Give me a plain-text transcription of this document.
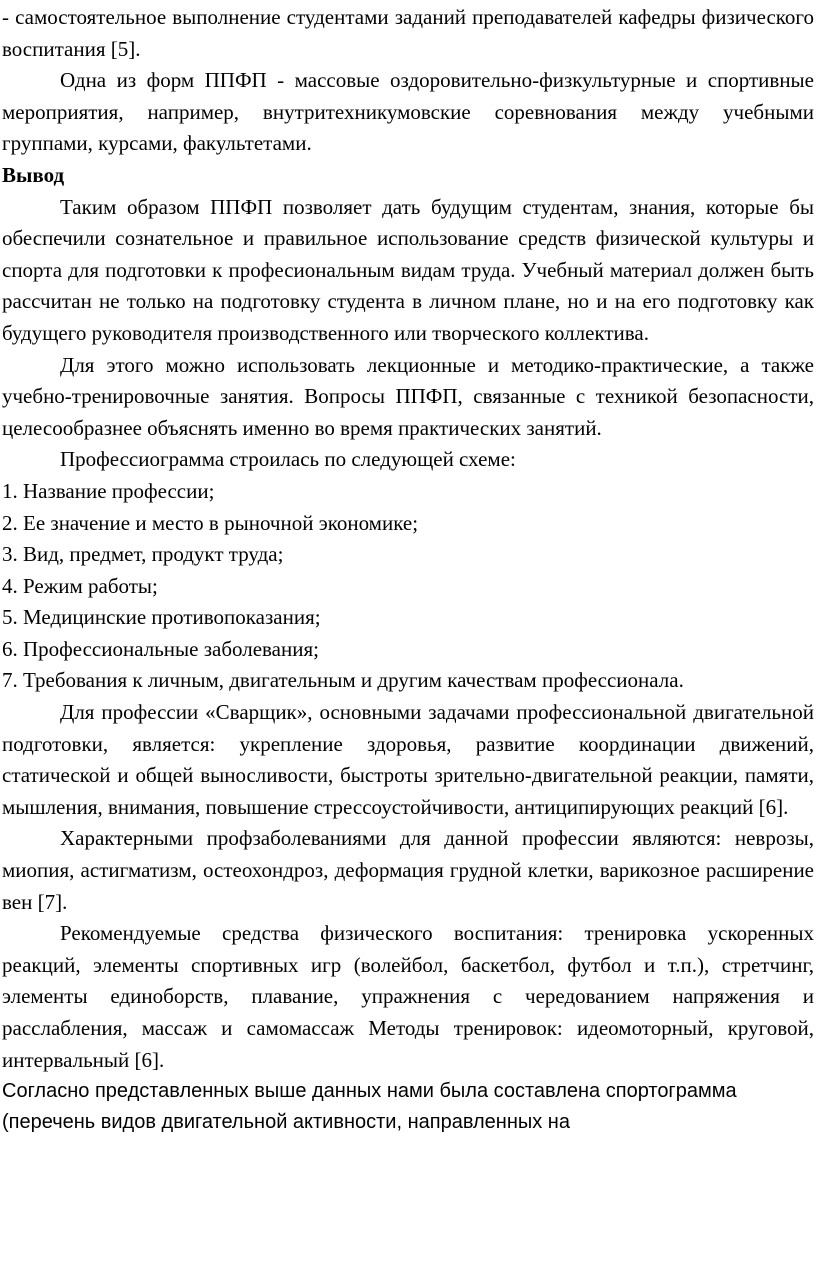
- самостоятельное выполнение студентами заданий преподавателей кафедры физического воспитания [5].

Одна из форм ППФП - массовые оздоровительно-физкультурные и спортивные мероприятия, например, внутритехникумовские соревнования между учебными группами, курсами, факультетами.

Вывод

Таким образом ППФП позволяет дать будущим студентам, знания, которые бы обеспечили сознательное и правильное использование средств физической культуры и спорта для подготовки к професиональным видам труда. Учебный материал должен быть рассчитан не только на подготовку студента в личном плане, но и на его подготовку как будущего руководителя производственного или творческого коллектива.

Для этого можно использовать лекционные и методико-практические, а также учебно-тренировочные занятия. Вопросы ППФП, связанные с техникой безопасности, целесообразнее объяснять именно во время практических занятий.

Профессиограмма строилась по следующей схеме:

1. Название профессии;
2. Ее значение и место в рыночной экономике;
3. Вид, предмет, продукт труда;
4. Режим работы;
5. Медицинские противопоказания;
6. Профессиональные заболевания;
7. Требования к личным, двигательным и другим качествам профессионала.

Для профессии «Сварщик», основными задачами профессиональной двигательной подготовки, является: укрепление здоровья, развитие координации движений, статической и общей выносливости, быстроты зрительно-двигательной реакции, памяти, мышления, внимания, повышение стрессоустойчивости, антиципирующих реакций [6].

Характерными профзаболеваниями для данной профессии являются: неврозы, миопия, астигматизм, остеохондроз, деформация грудной клетки, варикозное расширение вен [7].

Рекомендуемые средства физического воспитания: тренировка ускоренных реакций, элементы спортивных игр (волейбол, баскетбол, футбол и т.п.), стретчинг, элементы единоборств, плавание, упражнения с чередованием напряжения и расслабления, массаж и самомассаж Методы тренировок: идеомоторный, круговой, интервальный [6].

Согласно представленных выше данных нами была составлена спортограмма (перечень видов двигательной активности, направленных на
